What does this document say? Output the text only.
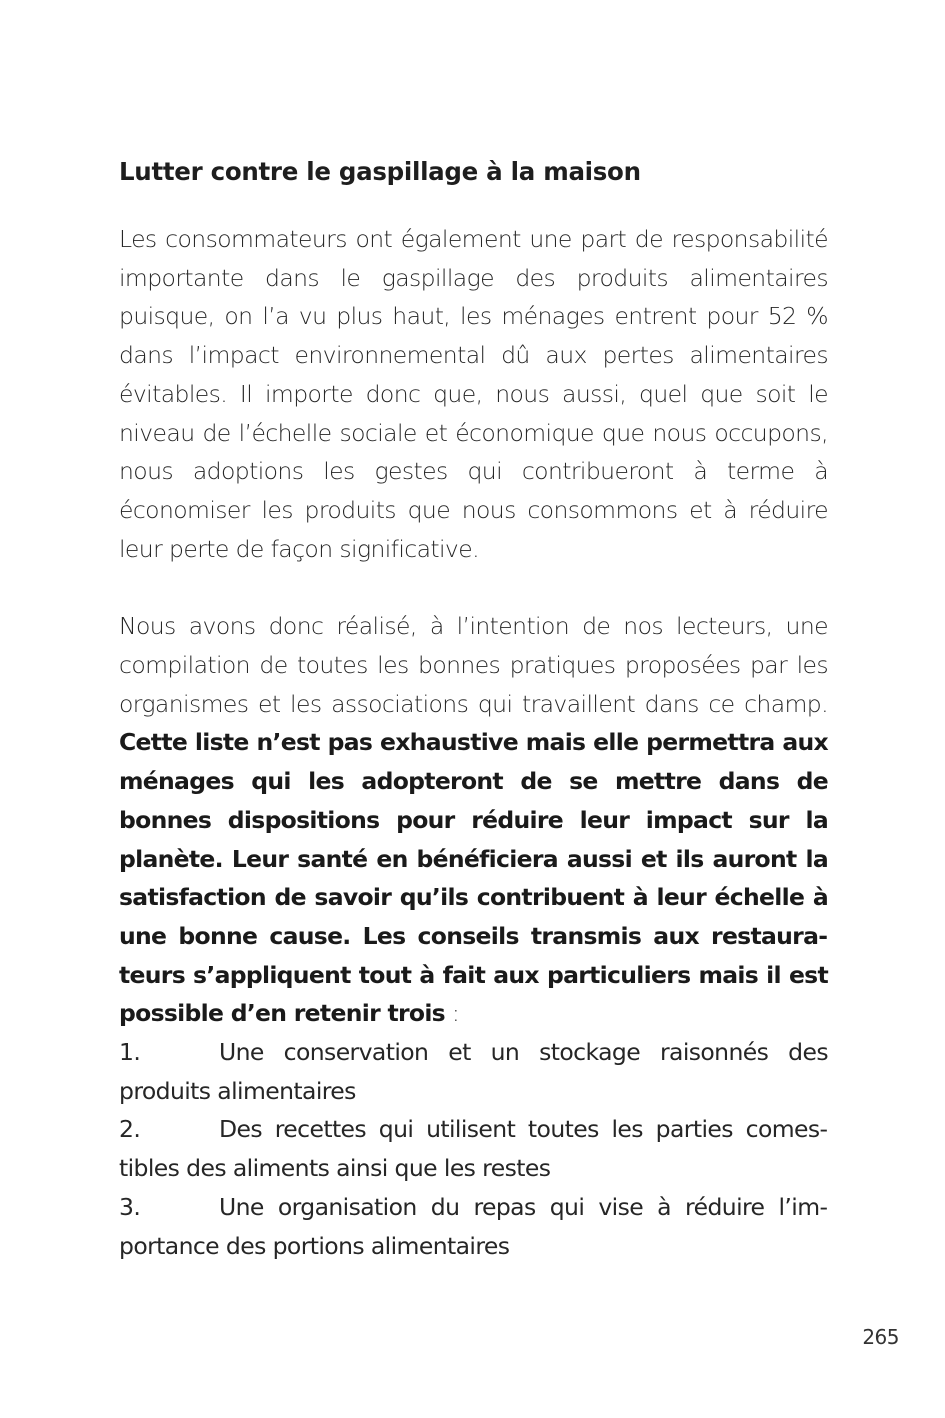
Lutter contre le gaspillage à la maison

Les consommateurs ont également une part de responsabilité importante dans le gaspillage des produits alimentaires puisque, on l’a vu plus haut, les ménages entrent pour 52 % dans l’impact environnemental dû aux pertes alimentaires évitables. Il importe donc que, nous aussi, quel que soit le niveau de l’échelle sociale et économique que nous occupons, nous adoptions les gestes qui contribueront à terme à économiser les produits que nous consommons et à réduire leur perte de façon significative.

Nous avons donc réalisé, à l’intention de nos lecteurs, une compilation de toutes les bonnes pratiques proposées par les organismes et les associations qui travaillent dans ce champ. Cette liste n’est pas exhaustive mais elle permettra aux ménages qui les adopteront de se mettre dans de bonnes dispositions pour réduire leur impact sur la planète. Leur santé en bénéficiera aussi et ils auront la satisfaction de savoir qu’ils contribuent à leur échelle à une bonne cause. Les conseils transmis aux restaurateurs s’appliquent tout à fait aux particuliers mais il est possible d’en retenir trois :

1.	Une conservation et un stockage raisonnés des produits alimentaires
2.	Des recettes qui utilisent toutes les parties comestibles des aliments ainsi que les restes
3.	Une organisation du repas qui vise à réduire l’importance des portions alimentaires
265
